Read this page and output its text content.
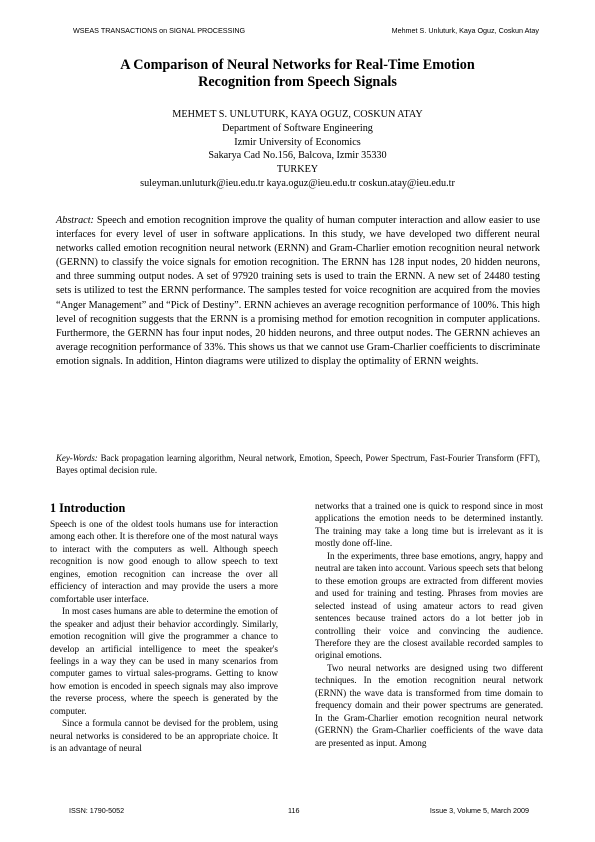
WSEAS TRANSACTIONS on SIGNAL PROCESSING	Mehmet S. Unluturk, Kaya Oguz, Coskun Atay
A Comparison of Neural Networks for Real-Time Emotion
Recognition from Speech Signals
MEHMET S. UNLUTURK, KAYA OGUZ, COSKUN ATAY
Department of Software Engineering
Izmir University of Economics
Sakarya Cad No.156, Balcova, Izmir 35330
TURKEY
suleyman.unluturk@ieu.edu.tr kaya.oguz@ieu.edu.tr coskun.atay@ieu.edu.tr
Abstract: Speech and emotion recognition improve the quality of human computer interaction and allow easier to use interfaces for every level of user in software applications. In this study, we have developed two different neural networks called emotion recognition neural network (ERNN) and Gram-Charlier emotion recognition neural network (GERNN) to classify the voice signals for emotion recognition. The ERNN has 128 input nodes, 20 hidden neurons, and three summing output nodes. A set of 97920 training sets is used to train the ERNN. A new set of 24480 testing sets is utilized to test the ERNN performance. The samples tested for voice recognition are acquired from the movies “Anger Management” and “Pick of Destiny”. ERNN achieves an average recognition performance of 100%. This high level of recognition suggests that the ERNN is a promising method for emotion recognition in computer applications. Furthermore, the GERNN has four input nodes, 20 hidden neurons, and three output nodes. The GERNN achieves an average recognition performance of 33%. This shows us that we cannot use Gram-Charlier coefficients to discriminate emotion signals. In addition, Hinton diagrams were utilized to display the optimality of ERNN weights.
Key-Words: Back propagation learning algorithm, Neural network, Emotion, Speech, Power Spectrum, Fast-Fourier Transform (FFT), Bayes optimal decision rule.
1 Introduction

Speech is one of the oldest tools humans use for interaction among each other. It is therefore one of the most natural ways to interact with the computers as well. Although speech recognition is now good enough to allow speech to text engines, emotion recognition can increase the over all efficiency of interaction and may provide the users a more comfortable user interface.

In most cases humans are able to determine the emotion of the speaker and adjust their behavior accordingly. Similarly, emotion recognition will give the programmer a chance to develop an artificial intelligence to meet the speaker's feelings in a way they can be used in many scenarios from computer games to virtual sales-programs. Getting to know how emotion is encoded in speech signals may also improve the reverse process, where the speech is generated by the computer.

Since a formula cannot be devised for the problem, using neural networks is considered to be an appropriate choice. It is an advantage of neural

networks that a trained one is quick to respond since in most applications the emotion needs to be determined instantly. The training may take a long time but is irrelevant as it is mostly done off-line.

In the experiments, three base emotions, angry, happy and neutral are taken into account. Various speech sets that belong to these emotion groups are extracted from different movies and used for training and testing. Phrases from movies are selected instead of using amateur actors to read given sentences because trained actors do a lot better job in controlling their voice and convincing the audience. Therefore they are the closest available recorded samples to original emotions.

Two neural networks are designed using two different techniques. In the emotion recognition neural network (ERNN) the wave data is transformed from time domain to frequency domain and their power spectrums are generated. In the Gram-Charlier emotion recognition neural network (GERNN) the Gram-Charlier coefficients of the wave data are presented as input. Among

ISSN: 1790-5052	116	Issue 3, Volume 5, March 2009
